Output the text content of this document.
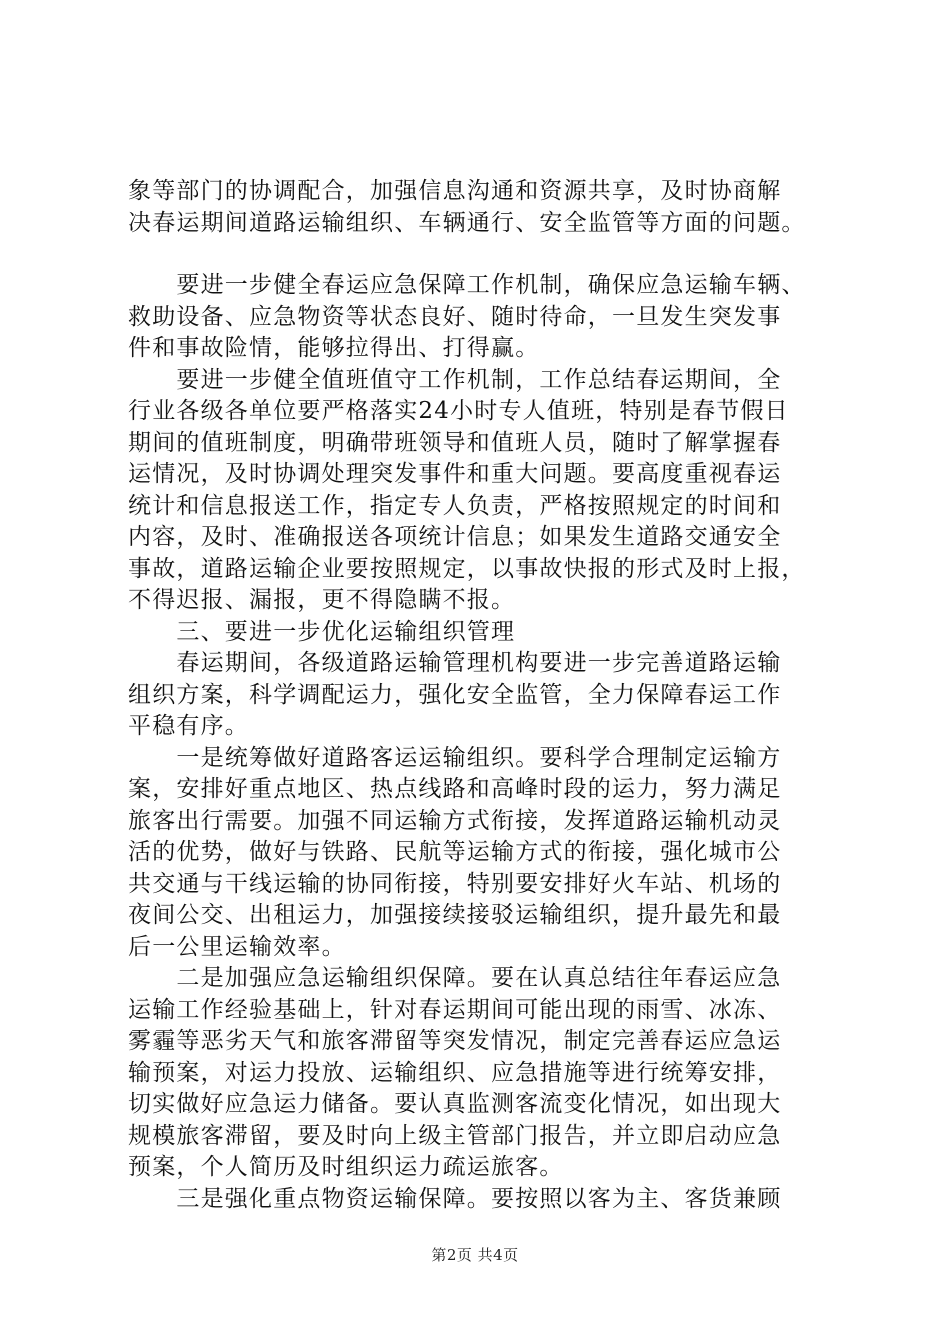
象等部门的协调配合，加强信息沟通和资源共享，及时协商解
决春运期间道路运输组织、车辆通行、安全监管等方面的问题。
　　要进一步健全春运应急保障工作机制，确保应急运输车辆、
救助设备、应急物资等状态良好、随时待命，一旦发生突发事
件和事故险情，能够拉得出、打得赢。
　　要进一步健全值班值守工作机制，工作总结春运期间，全
行业各级各单位要严格落实24小时专人值班，特别是春节假日
期间的值班制度，明确带班领导和值班人员，随时了解掌握春
运情况，及时协调处理突发事件和重大问题。要高度重视春运
统计和信息报送工作，指定专人负责，严格按照规定的时间和
内容，及时、准确报送各项统计信息；如果发生道路交通安全
事故，道路运输企业要按照规定，以事故快报的形式及时上报，
不得迟报、漏报，更不得隐瞒不报。
　　三、要进一步优化运输组织管理
　　春运期间，各级道路运输管理机构要进一步完善道路运输
组织方案，科学调配运力，强化安全监管，全力保障春运工作
平稳有序。
　　一是统筹做好道路客运运输组织。要科学合理制定运输方
案，安排好重点地区、热点线路和高峰时段的运力，努力满足
旅客出行需要。加强不同运输方式衔接，发挥道路运输机动灵
活的优势，做好与铁路、民航等运输方式的衔接，强化城市公
共交通与干线运输的协同衔接，特别要安排好火车站、机场的
夜间公交、出租运力，加强接续接驳运输组织，提升最先和最
后一公里运输效率。
　　二是加强应急运输组织保障。要在认真总结往年春运应急
运输工作经验基础上，针对春运期间可能出现的雨雪、冰冻、
雾霾等恶劣天气和旅客滞留等突发情况，制定完善春运应急运
输预案，对运力投放、运输组织、应急措施等进行统筹安排，
切实做好应急运力储备。要认真监测客流变化情况，如出现大
规模旅客滞留，要及时向上级主管部门报告，并立即启动应急
预案，个人简历及时组织运力疏运旅客。
　　三是强化重点物资运输保障。要按照以客为主、客货兼顾
第2页 共4页
